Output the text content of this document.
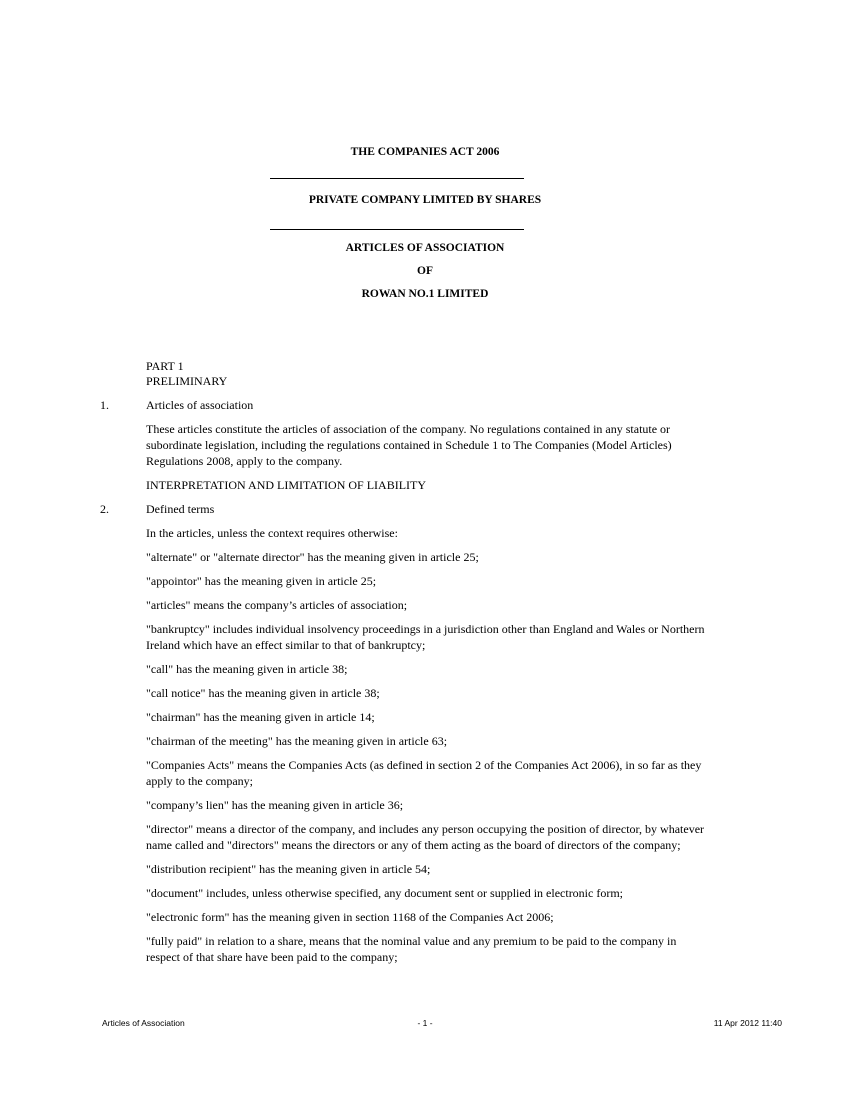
THE COMPANIES ACT 2006
PRIVATE COMPANY LIMITED BY SHARES
ARTICLES OF ASSOCIATION
OF
ROWAN NO.1 LIMITED
PART 1
PRELIMINARY
1.	Articles of association

These articles constitute the articles of association of the company. No regulations contained in any statute or subordinate legislation, including the regulations contained in Schedule 1 to The Companies (Model Articles) Regulations 2008, apply to the company.

INTERPRETATION AND LIMITATION OF LIABILITY

2.	Defined terms

In the articles, unless the context requires otherwise:

"alternate" or "alternate director" has the meaning given in article 25;

"appointor" has the meaning given in article 25;

"articles" means the company’s articles of association;

"bankruptcy" includes individual insolvency proceedings in a jurisdiction other than England and Wales or Northern Ireland which have an effect similar to that of bankruptcy;

"call" has the meaning given in article 38;

"call notice" has the meaning given in article 38;

"chairman" has the meaning given in article 14;

"chairman of the meeting" has the meaning given in article 63;

"Companies Acts" means the Companies Acts (as defined in section 2 of the Companies Act 2006), in so far as they apply to the company;

"company’s lien" has the meaning given in article 36;

"director" means a director of the company, and includes any person occupying the position of director, by whatever name called and "directors" means the directors or any of them acting as the board of directors of the company;

"distribution recipient" has the meaning given in article 54;

"document" includes, unless otherwise specified, any document sent or supplied in electronic form;

"electronic form" has the meaning given in section 1168 of the Companies Act 2006;

"fully paid" in relation to a share, means that the nominal value and any premium to be paid to the company in respect of that share have been paid to the company;

Articles of Association	- 1 -	11 Apr 2012 11:40
